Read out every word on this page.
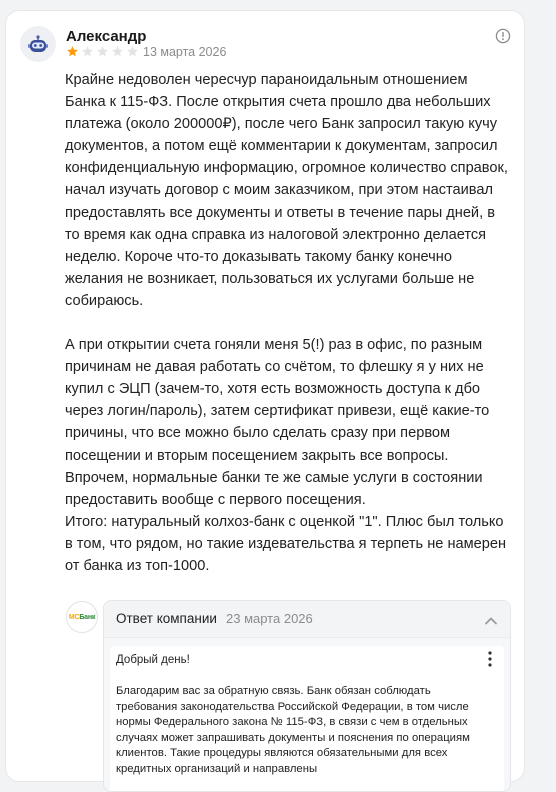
Александр
13 марта 2026

Крайне недоволен чересчур параноидальным отношением Банка к 115-ФЗ. После открытия счета прошло два небольших платежа (около 200000₽), после чего Банк запросил такую кучу документов, а потом ещё комментарии к документам, запросил конфиденциальную информацию, огромное количество справок, начал изучать договор с моим заказчиком, при этом настаивал предоставлять все документы и ответы в течение пары дней, в то время как одна справка из налоговой электронно делается неделю. Короче что-то доказывать такому банку конечно желания не возникает, пользоваться их услугами больше не собираюсь.

А при открытии счета гоняли меня 5(!) раз в офис, по разным причинам не давая работать со счётом, то флешку я у них не купил с ЭЦП (зачем-то, хотя есть возможность доступа к дбо через логин/пароль), затем сертификат привези, ещё какие-то причины, что все можно было сделать сразу при первом посещении и вторым посещением закрыть все вопросы.
Впрочем, нормальные банки те же самые услуги в состоянии предоставить вообще с первого посещения.
Итого: натуральный колхоз-банк с оценкой "1". Плюс был только в том, что рядом, но такие издевательства я терпеть не намерен от банка из топ-1000.

МС Банк Ответ компании 23 марта 2026
Добрый день!
Благодарим вас за обратную связь. Банк обязан соблюдать требования законодательства Российской Федерации, в том числе нормы Федерального закона № 115-ФЗ, в связи с чем в отдельных случаях может запрашивать документы и пояснения по операциям клиентов. Такие процедуры являются обязательными для всех кредитных организаций и направлены
